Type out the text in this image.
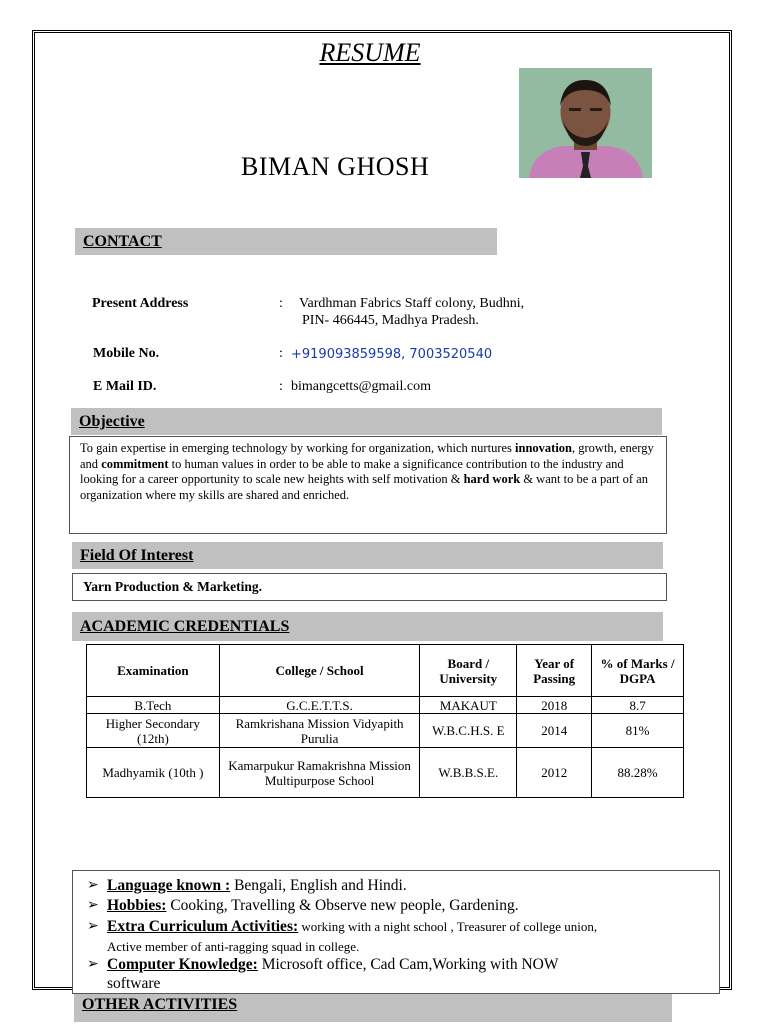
RESUME
BIMAN GHOSH
CONTACT
Present Address	: Vardhman Fabrics Staff colony, Budhni,
PIN- 466445, Madhya Pradesh.
Mobile No.	: +919093859598, 7003520540
E Mail ID.	: bimangcetts@gmail.com
Objective
To gain expertise in emerging technology by working for organization, which nurtures innovation, growth, energy and commitment to human values in order to be able to make a significance contribution to the industry and looking for a career opportunity to scale new heights with self motivation & hard work & want to be a part of an organization where my skills are shared and enriched.
Field Of Interest
Yarn Production & Marketing.
ACADEMIC CREDENTIALS
Examination	College / School	Board / University	Year of Passing	% of Marks / DGPA
B.Tech	G.C.E.T.T.S.	MAKAUT	2018	8.7
Higher Secondary (12th)	Ramkrishana Mission Vidyapith Purulia	W.B.C.H.S. E	2014	81%
Madhyamik (10th )	Kamarpukur Ramakrishna Mission Multipurpose School	W.B.B.S.E.	2012	88.28%
➢ Language known : Bengali, English and Hindi.
➢ Hobbies: Cooking, Travelling & Observe new people, Gardening.
➢ Extra Curriculum Activities: working with a night school , Treasurer of college union,
Active member of anti-ragging squad in college.
➢ Computer Knowledge: Microsoft office, Cad Cam,Working with NOW
software
OTHER ACTIVITIES
